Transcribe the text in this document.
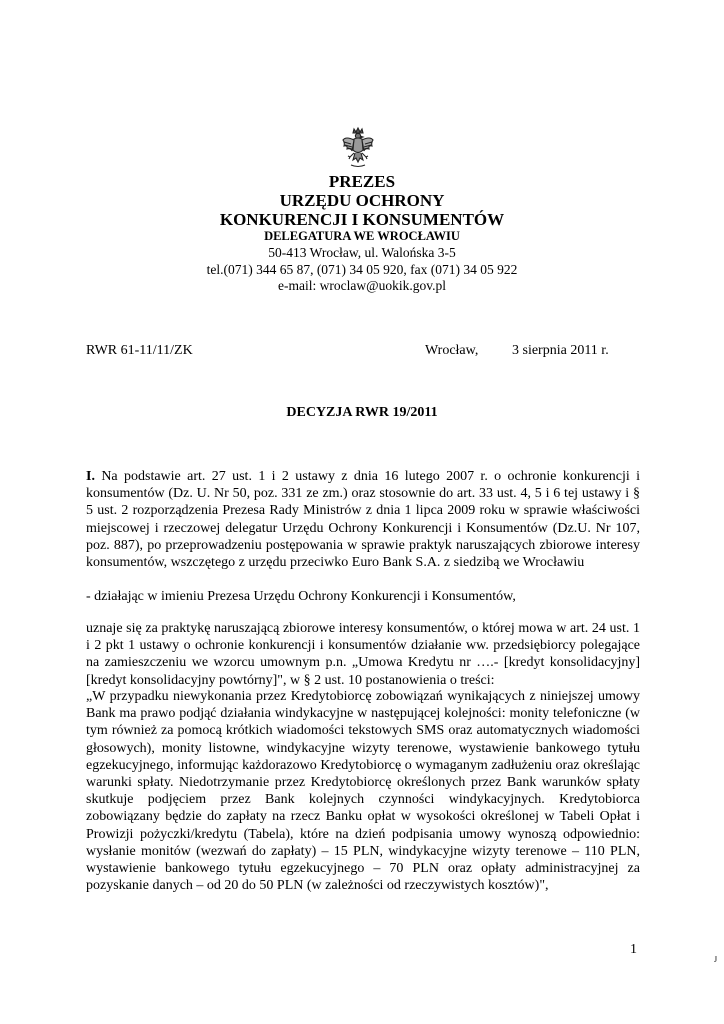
PREZES
URZĘDU OCHRONY
KONKURENCJI I KONSUMENTÓW
DELEGATURA WE WROCŁAWIU
50-413 Wrocław, ul. Walońska 3-5
tel.(071) 344 65 87, (071) 34 05 920, fax (071) 34 05 922
e-mail: wroclaw@uokik.gov.pl
RWR 61-11/11/ZK	Wrocław, 3 sierpnia 2011 r.
DECYZJA RWR 19/2011
I. Na podstawie art. 27 ust. 1 i 2 ustawy z dnia 16 lutego 2007 r. o ochronie konkurencji i konsumentów (Dz. U. Nr 50, poz. 331 ze zm.) oraz stosownie do art. 33 ust. 4, 5 i 6 tej ustawy i § 5 ust. 2 rozporządzenia Prezesa Rady Ministrów z dnia 1 lipca 2009 roku w sprawie właściwości miejscowej i rzeczowej delegatur Urzędu Ochrony Konkurencji i Konsumentów (Dz.U. Nr 107, poz. 887), po przeprowadzeniu postępowania w sprawie praktyk naruszających zbiorowe interesy konsumentów, wszczętego z urzędu przeciwko Euro Bank S.A. z siedzibą we Wrocławiu
- działając w imieniu Prezesa Urzędu Ochrony Konkurencji i Konsumentów,
uznaje się za praktykę naruszającą zbiorowe interesy konsumentów, o której mowa w art. 24 ust. 1 i 2 pkt 1 ustawy o ochronie konkurencji i konsumentów działanie ww. przedsiębiorcy polegające na zamieszczeniu we wzorcu umownym p.n. „Umowa Kredytu nr ….- [kredyt konsolidacyjny] [kredyt konsolidacyjny powtórny]", w § 2 ust. 10 postanowienia o treści:
„W przypadku niewykonania przez Kredytobiorcę zobowiązań wynikających z niniejszej umowy Bank ma prawo podjąć działania windykacyjne w następującej kolejności: monity telefoniczne (w tym również za pomocą krótkich wiadomości tekstowych SMS oraz automatycznych wiadomości głosowych), monity listowne, windykacyjne wizyty terenowe, wystawienie bankowego tytułu egzekucyjnego, informując każdorazowo Kredytobiorcę o wymaganym zadłużeniu oraz określając warunki spłaty. Niedotrzymanie przez Kredytobiorcę określonych przez Bank warunków spłaty skutkuje podjęciem przez Bank kolejnych czynności windykacyjnych. Kredytobiorca zobowiązany będzie do zapłaty na rzecz Banku opłat w wysokości określonej w Tabeli Opłat i Prowizji pożyczki/kredytu (Tabela), które na dzień podpisania umowy wynoszą odpowiednio: wysłanie monitów (wezwań do zapłaty) – 15 PLN, windykacyjne wizyty terenowe – 110 PLN, wystawienie bankowego tytułu egzekucyjnego – 70 PLN oraz opłaty administracyjnej za pozyskanie danych – od 20 do 50 PLN (w zależności od rzeczywistych kosztów)",
1
J
